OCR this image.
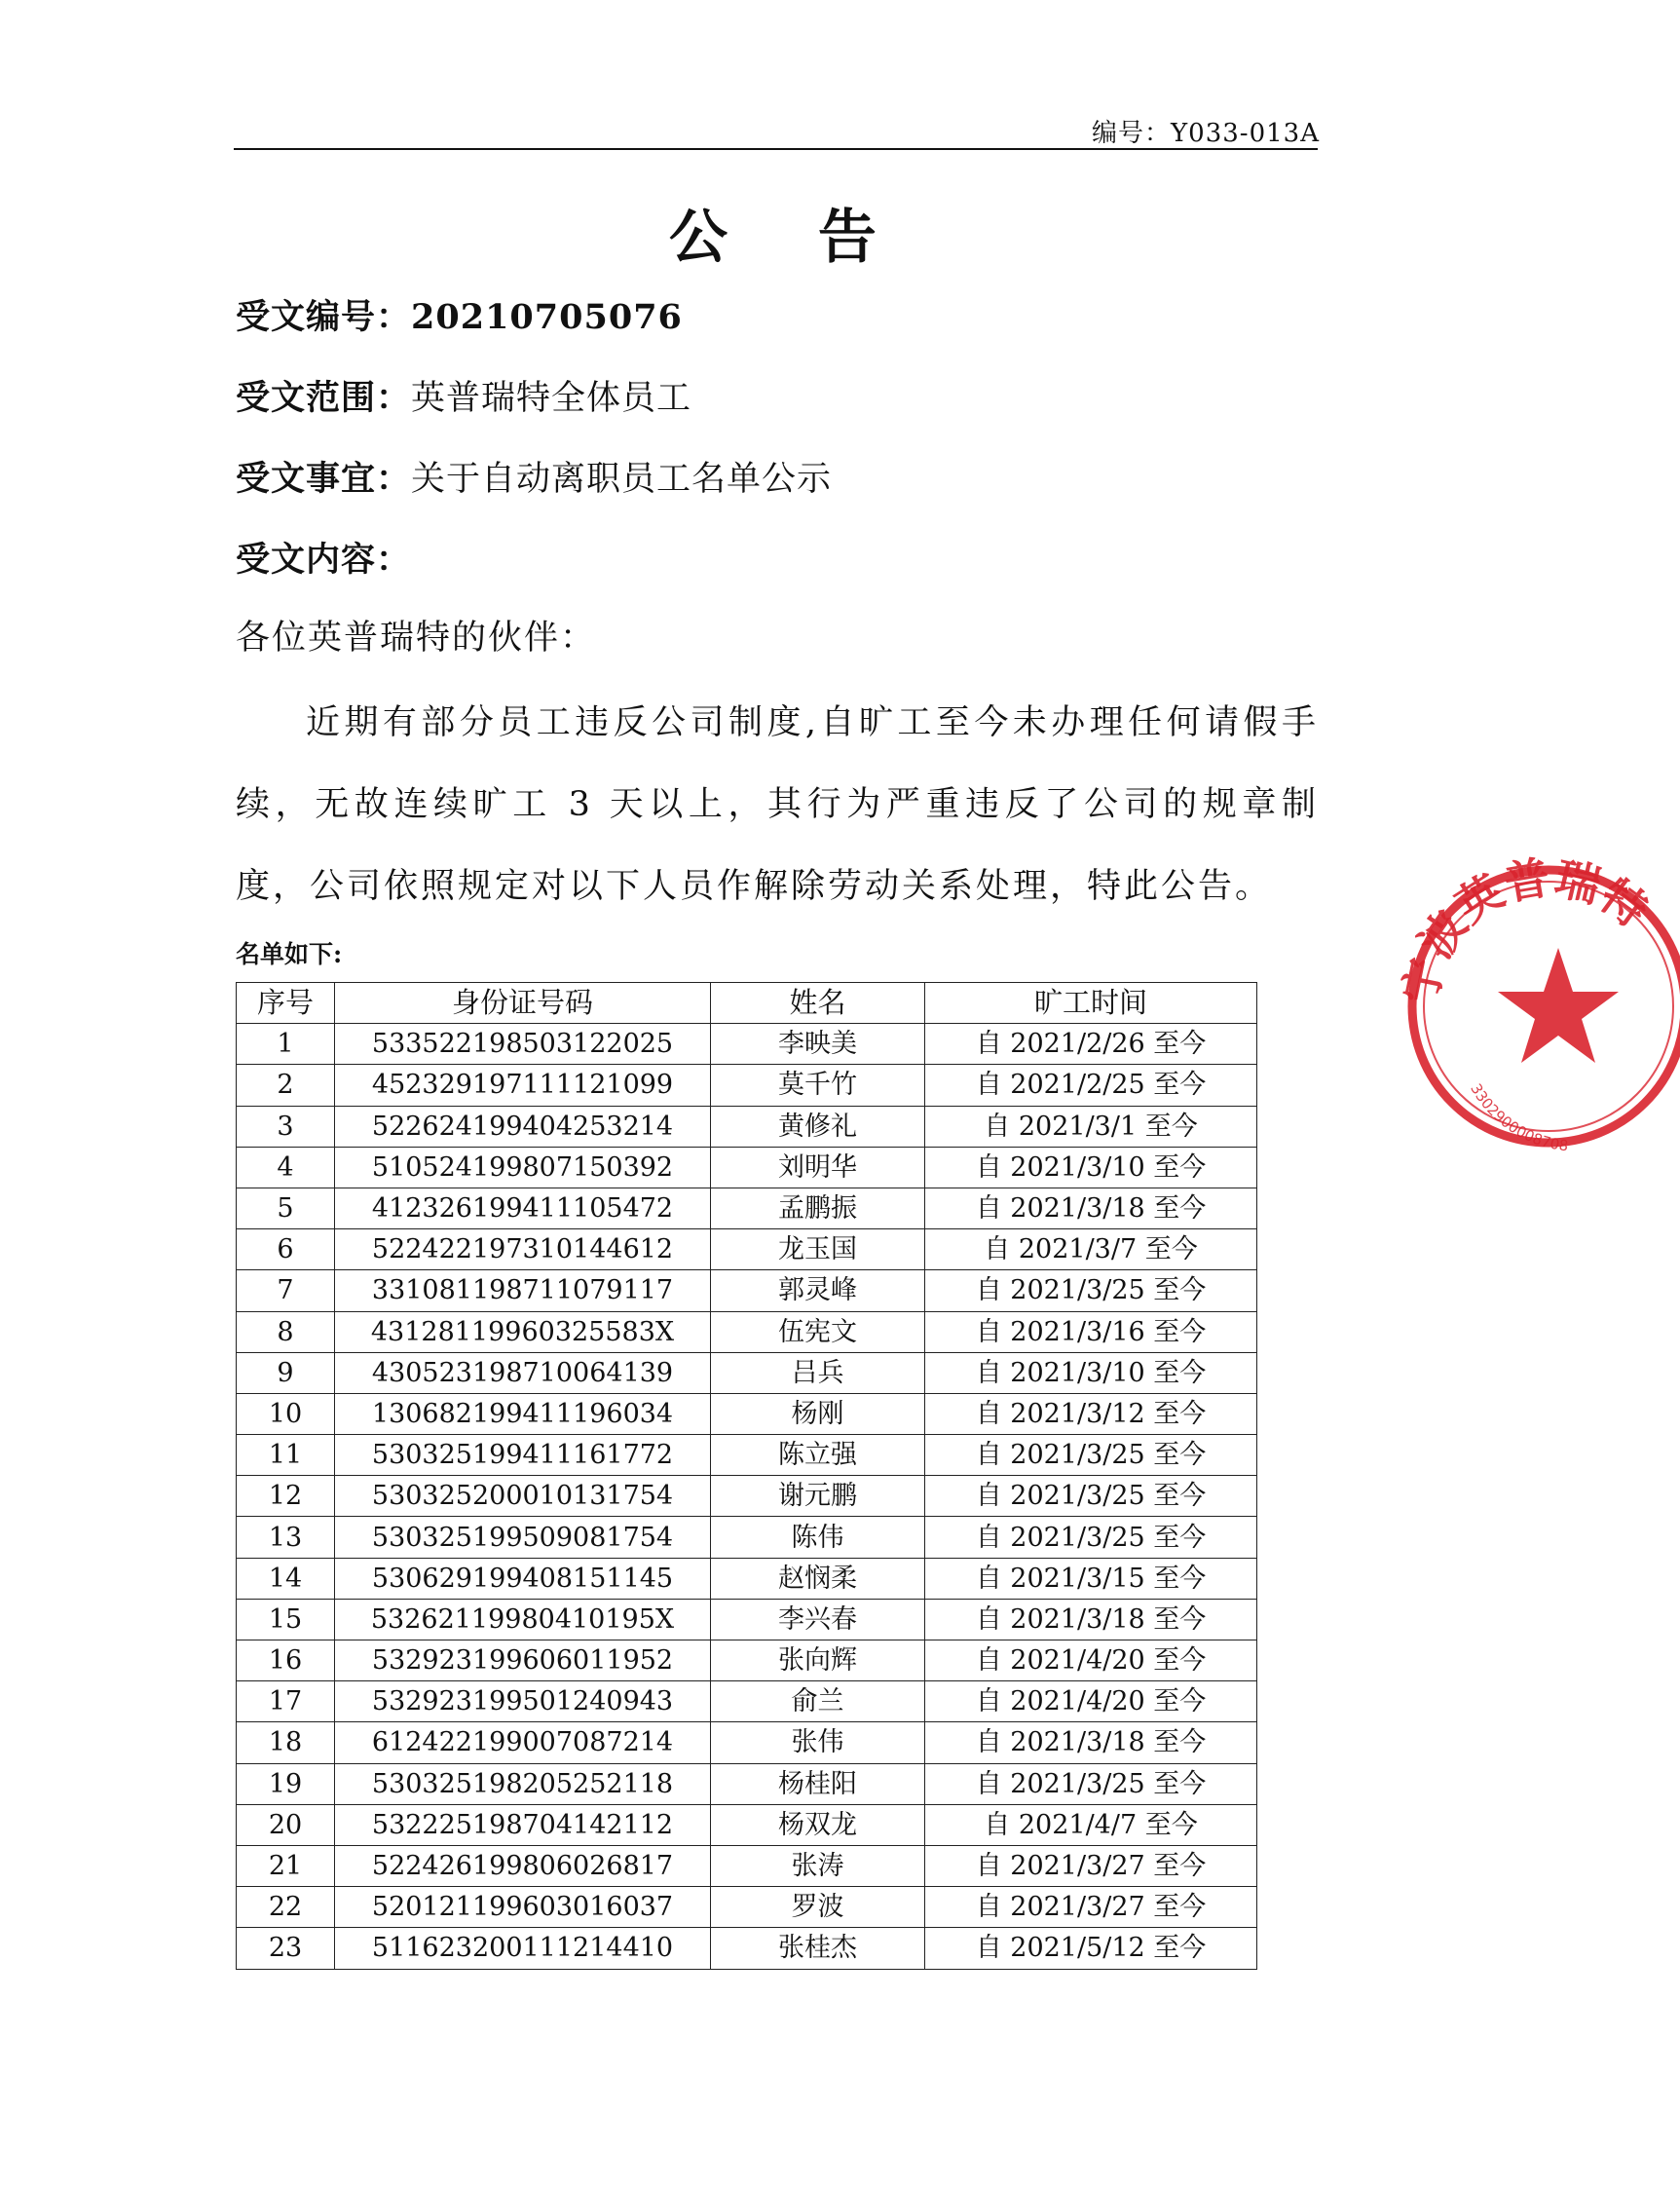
编号：Y033-013A
公 告
受文编号：20210705076
受文范围：英普瑞特全体员工
受文事宜：关于自动离职员工名单公示
受文内容：
各位英普瑞特的伙伴：
近期有部分员工违反公司制度,自旷工至今未办理任何请假手续，无故连续旷工 3 天以上，其行为严重违反了公司的规章制度，公司依照规定对以下人员作解除劳动关系处理，特此公告。
名单如下:
序号	身份证号码	姓名	旷工时间
1	533522198503122025	李映美	自 2021/2/26 至今
2	452329197111121099	莫千竹	自 2021/2/25 至今
3	522624199404253214	黄修礼	自 2021/3/1 至今
4	510524199807150392	刘明华	自 2021/3/10 至今
5	412326199411105472	孟鹏振	自 2021/3/18 至今
6	522422197310144612	龙玉国	自 2021/3/7 至今
7	331081198711079117	郭灵峰	自 2021/3/25 至今
8	43128119960325583X	伍宪文	自 2021/3/16 至今
9	430523198710064139	吕兵	自 2021/3/10 至今
10	130682199411196034	杨刚	自 2021/3/12 至今
11	530325199411161772	陈立强	自 2021/3/25 至今
12	530325200010131754	谢元鹏	自 2021/3/25 至今
13	530325199509081754	陈伟	自 2021/3/25 至今
14	530629199408151145	赵悯柔	自 2021/3/15 至今
15	53262119980410195X	李兴春	自 2021/3/18 至今
16	532923199606011952	张向辉	自 2021/4/20 至今
17	532923199501240943	俞兰	自 2021/4/20 至今
18	612422199007087214	张伟	自 2021/3/18 至今
19	530325198205252118	杨桂阳	自 2021/3/25 至今
20	532225198704142112	杨双龙	自 2021/4/7 至今
21	522426199806026817	张涛	自 2021/3/27 至今
22	520121199603016037	罗波	自 2021/3/27 至今
23	511623200111214410	张桂杰	自 2021/5/12 至今
宁波英普瑞特
330290000870​8
